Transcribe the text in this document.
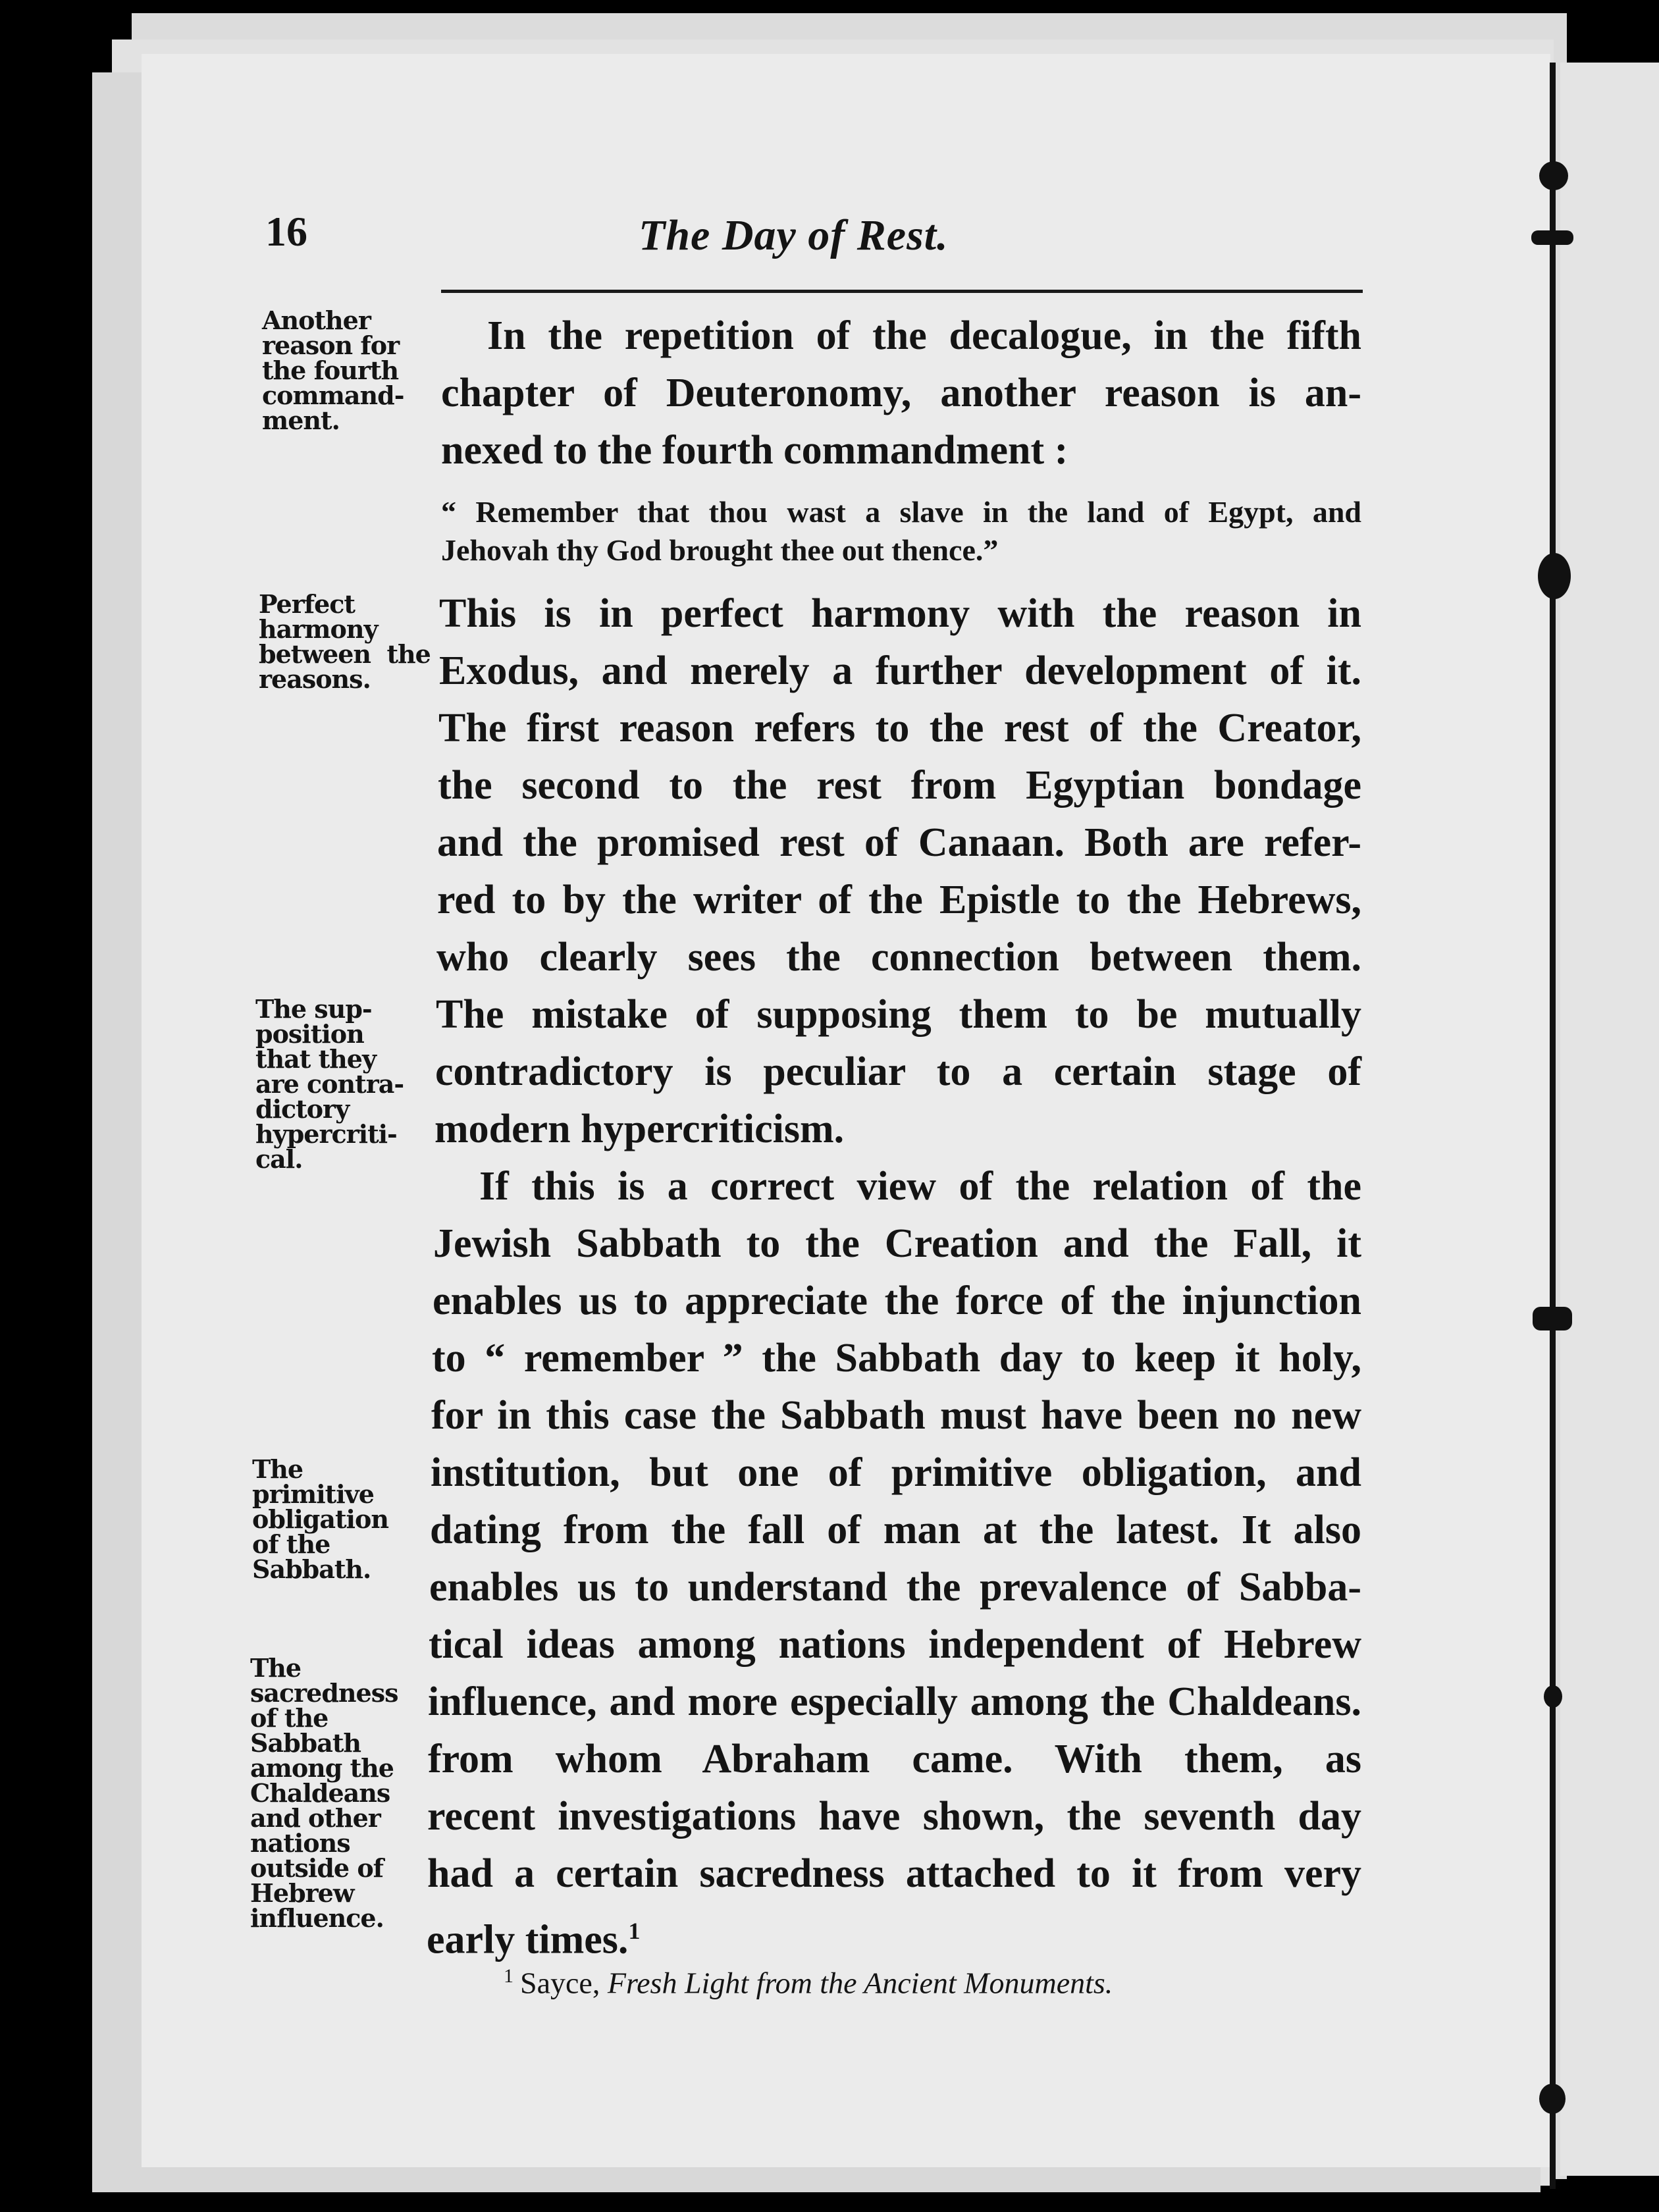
16	The Day of Rest.
Another
reason for
the fourth
command-
ment.
Perfect
harmony
between  the
reasons.
The sup-
position
that they
are contra-
dictory
hypercriti-
cal.
The
primitive
obligation
of the
Sabbath.
The
sacredness
of the
Sabbath
among the
Chaldeans
and other
nations
outside of
Hebrew
influence.
In the repetition of the decalogue, in the fifth
chapter of Deuteronomy, another reason is an-
nexed to the fourth commandment :
“ Remember that thou wast a slave in the land of Egypt, and
Jehovah thy God brought thee out thence.”
This is in perfect harmony with the reason in
Exodus, and merely a further development of it.
The first reason refers to the rest of the Creator,
the second to the rest from Egyptian bondage
and the promised rest of Canaan. Both are refer-
red to by the writer of the Epistle to the Hebrews,
who clearly sees the connection between them.
The mistake of supposing them to be mutually
contradictory is peculiar to a certain stage of
modern hypercriticism.
If this is a correct view of the relation of the
Jewish Sabbath to the Creation and the Fall, it
enables us to appreciate the force of the injunction
to “ remember ” the Sabbath day to keep it holy,
for in this case the Sabbath must have been no new
institution, but one of primitive obligation, and
dating from the fall of man at the latest. It also
enables us to understand the prevalence of Sabba-
tical ideas among nations independent of Hebrew
influence, and more especially among the Chaldeans.
from whom Abraham came. With them, as
recent investigations have shown, the seventh day
had a certain sacredness attached to it from very
early times.$^1$
$^1$ Sayce, Fresh Light from the Ancient Monuments.
